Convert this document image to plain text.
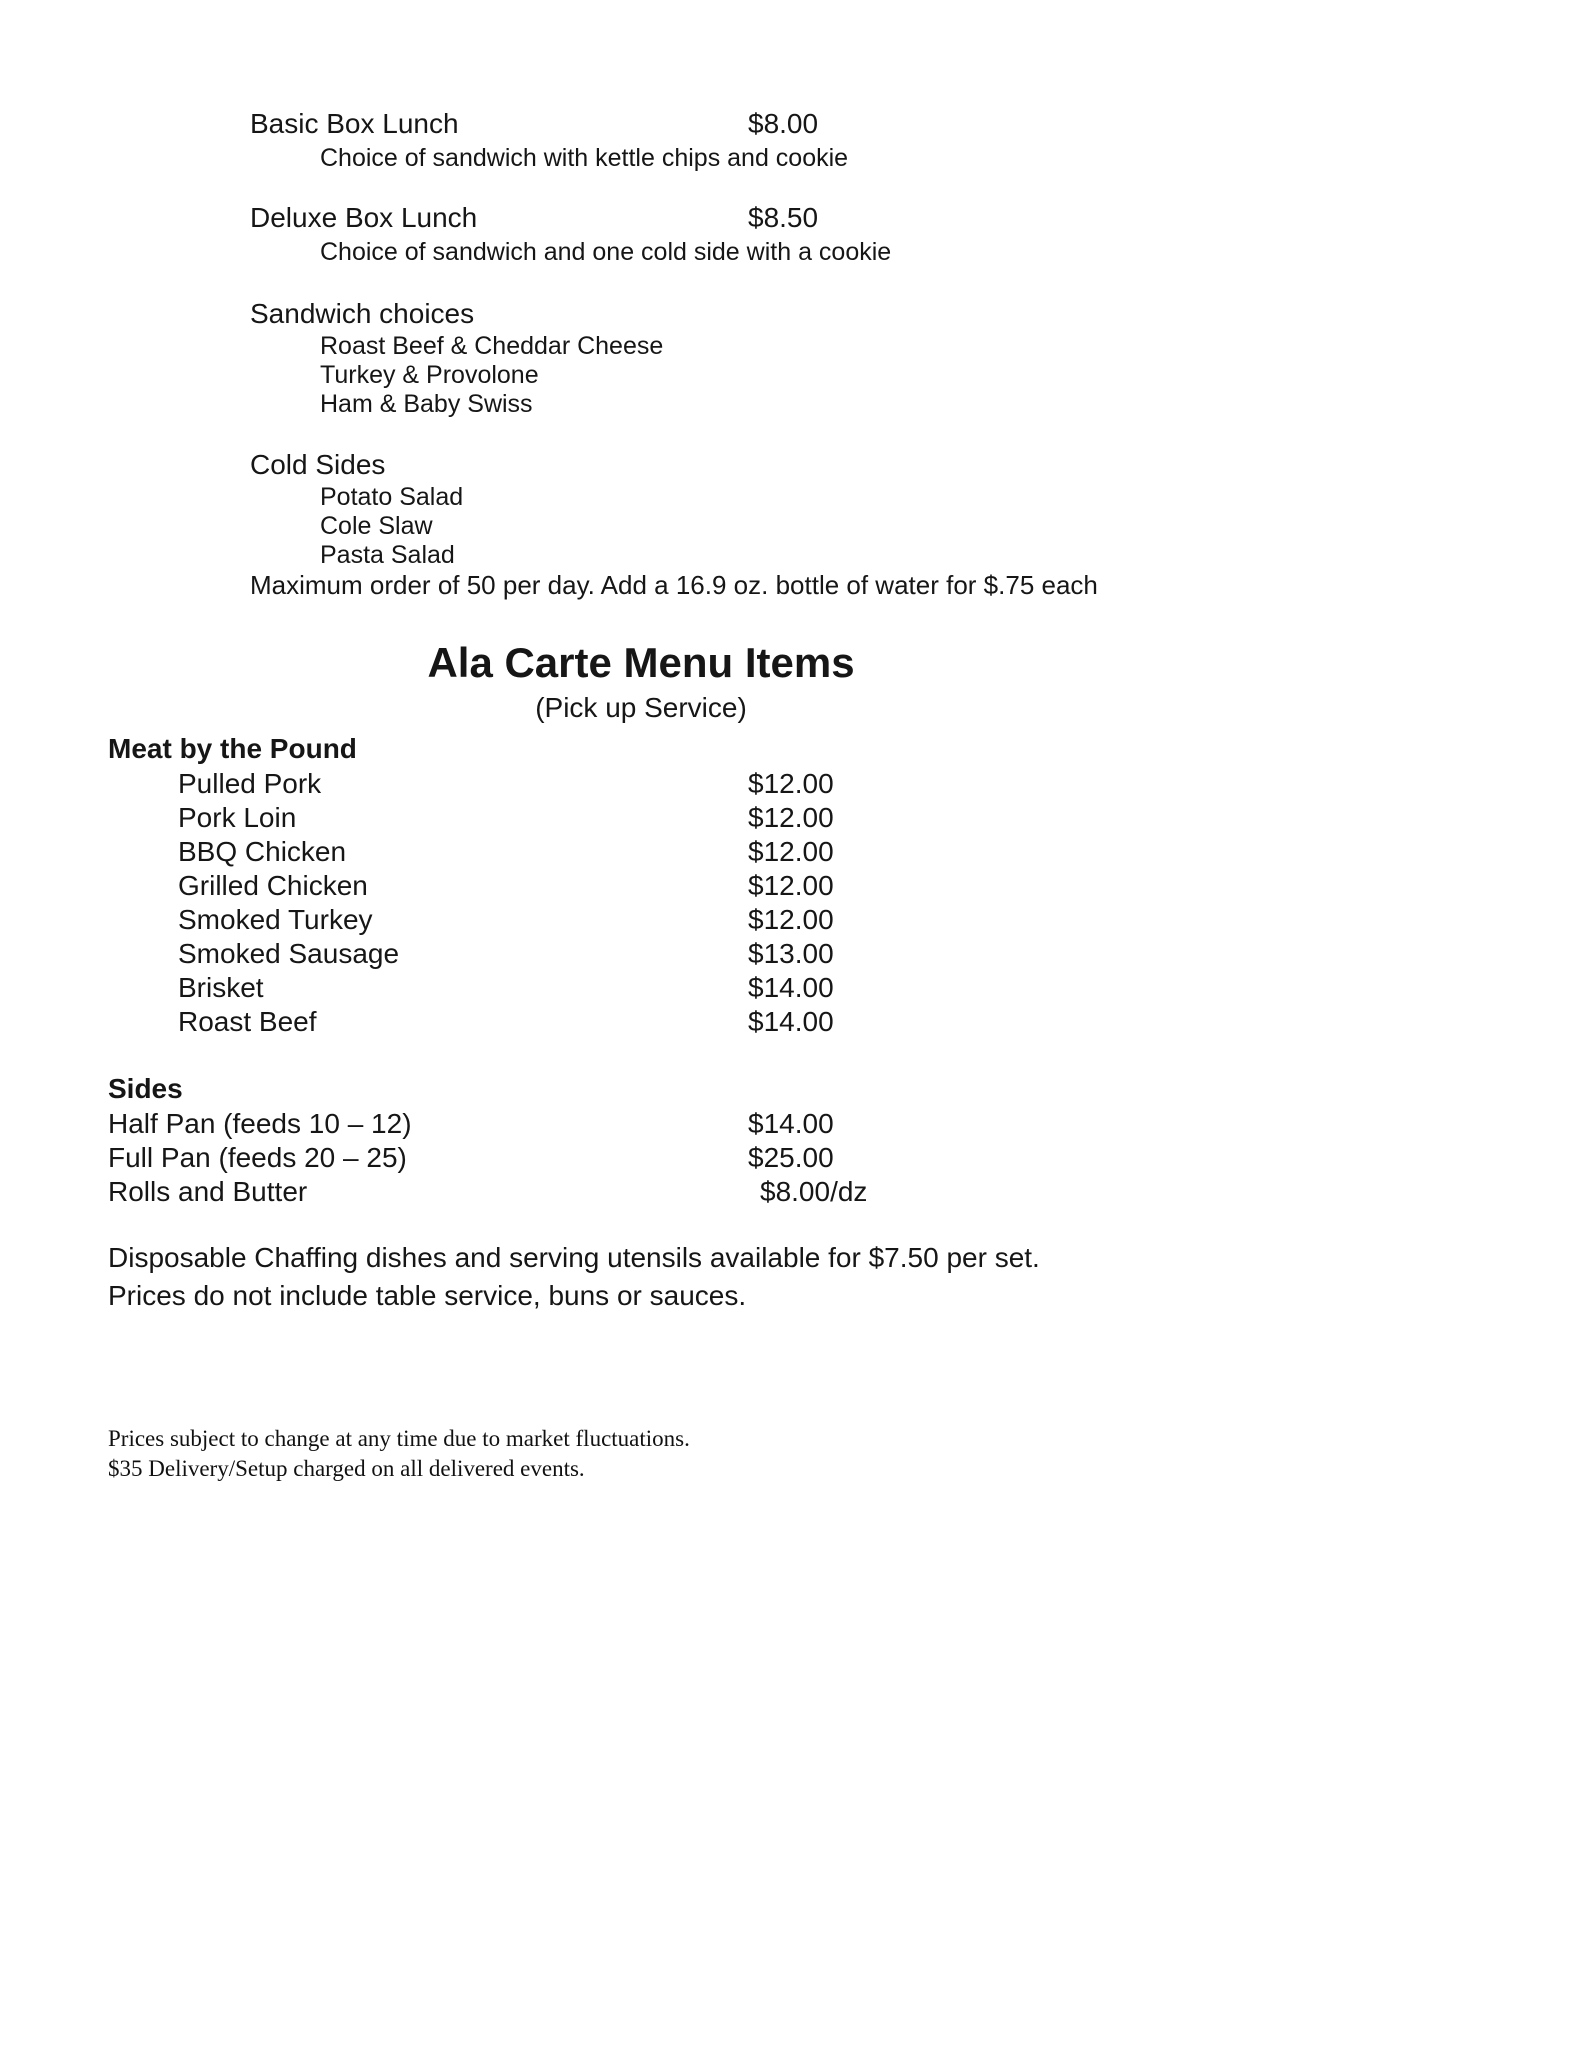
Basic Box Lunch	$8.00
Choice of sandwich with kettle chips and cookie
Deluxe Box Lunch	$8.50
Choice of sandwich and one cold side with a cookie
Sandwich choices
Roast Beef & Cheddar Cheese
Turkey & Provolone
Ham & Baby Swiss
Cold Sides
Potato Salad
Cole Slaw
Pasta Salad
Maximum order of 50 per day. Add a 16.9 oz. bottle of water for $.75 each
Ala Carte Menu Items
(Pick up Service)
Meat by the Pound
Pulled Pork	$12.00
Pork Loin	$12.00
BBQ Chicken	$12.00
Grilled Chicken	$12.00
Smoked Turkey	$12.00
Smoked Sausage	$13.00
Brisket	$14.00
Roast Beef	$14.00
Sides
Half Pan (feeds 10 – 12)	$14.00
Full Pan (feeds 20 – 25)	$25.00
Rolls and Butter	$8.00/dz
Disposable Chaffing dishes and serving utensils available for $7.50 per set.
Prices do not include table service, buns or sauces.
Prices subject to change at any time due to market fluctuations.
$35 Delivery/Setup charged on all delivered events.
